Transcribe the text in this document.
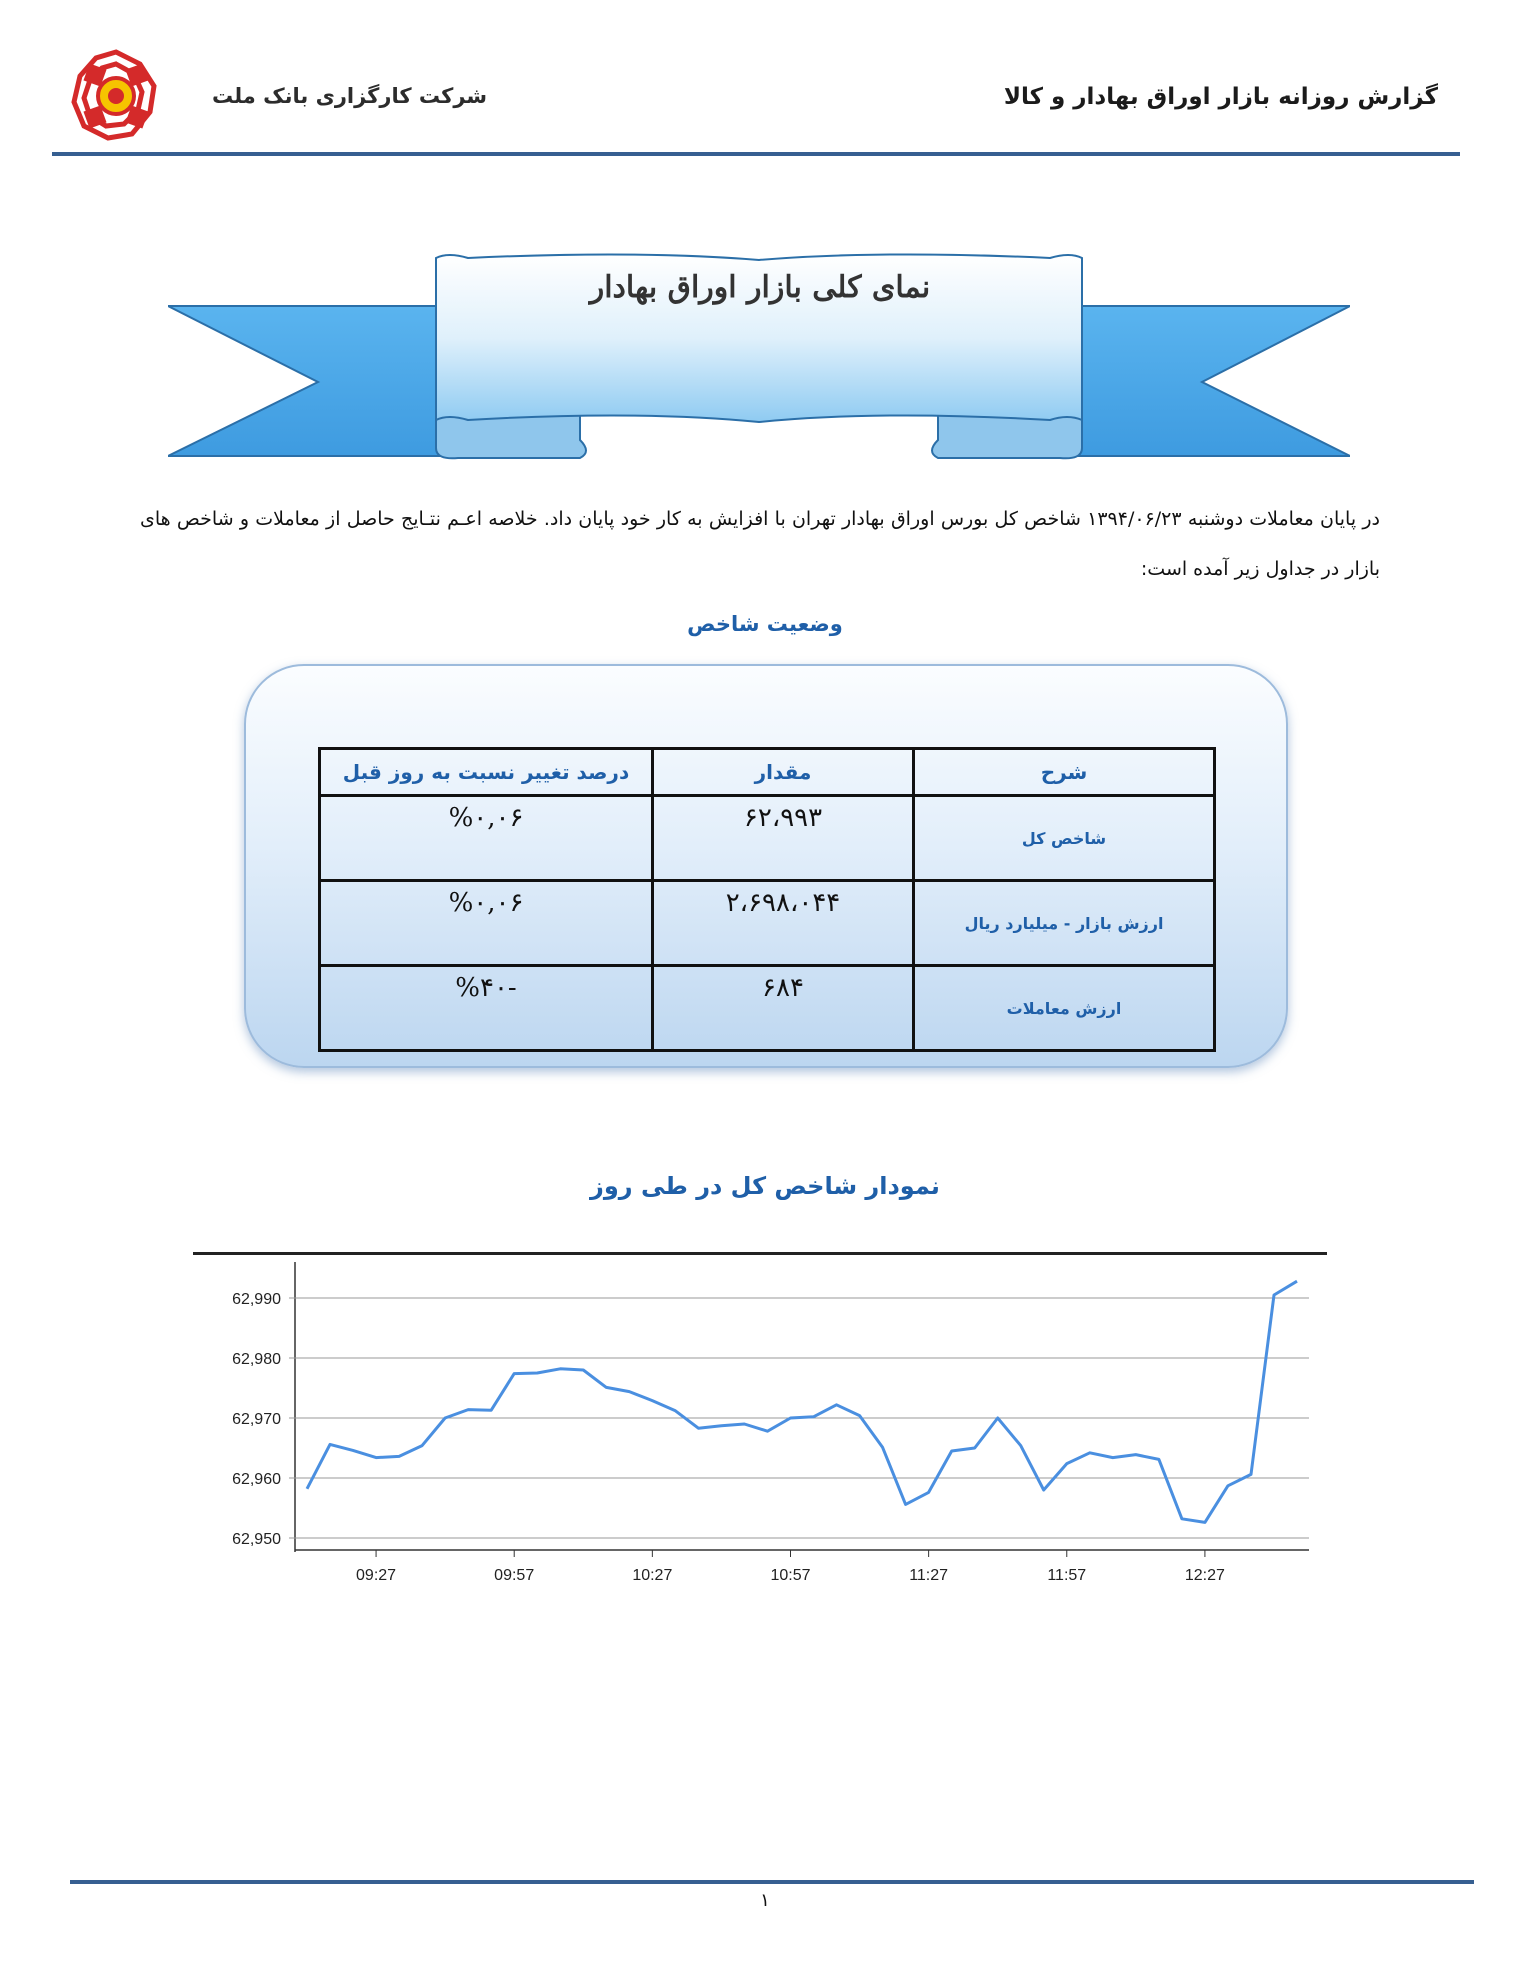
شرکت کارگزاری بانک ملت	گزارش روزانه بازار اوراق بهادار و کالا
نمای کلی بازار اوراق بهادار
در پایان معاملات دوشنبه ۱۳۹۴/۰۶/۲۳ شاخص کل بورس اوراق بهادار تهران با افزایش به کار خود پایان داد. خلاصه اعـم نتـایج حاصل از معاملات و شاخص های بازار در جداول زیر آمده است:
وضعیت شاخص
شرح	مقدار	درصد تغییر نسبت به روز قبل
شاخص کل	۶۲،۹۹۳	%۰,۰۶
ارزش بازار - میلیارد ریال	۲،۶۹۸،۰۴۴	%۰,۰۶
ارزش معاملات	۶۸۴	-%۴۰
نمودار شاخص کل در طی روز
62,950
62,960
62,970
62,980
62,990
09:27	09:57	10:27	10:57	11:27	11:57	12:27
۱
